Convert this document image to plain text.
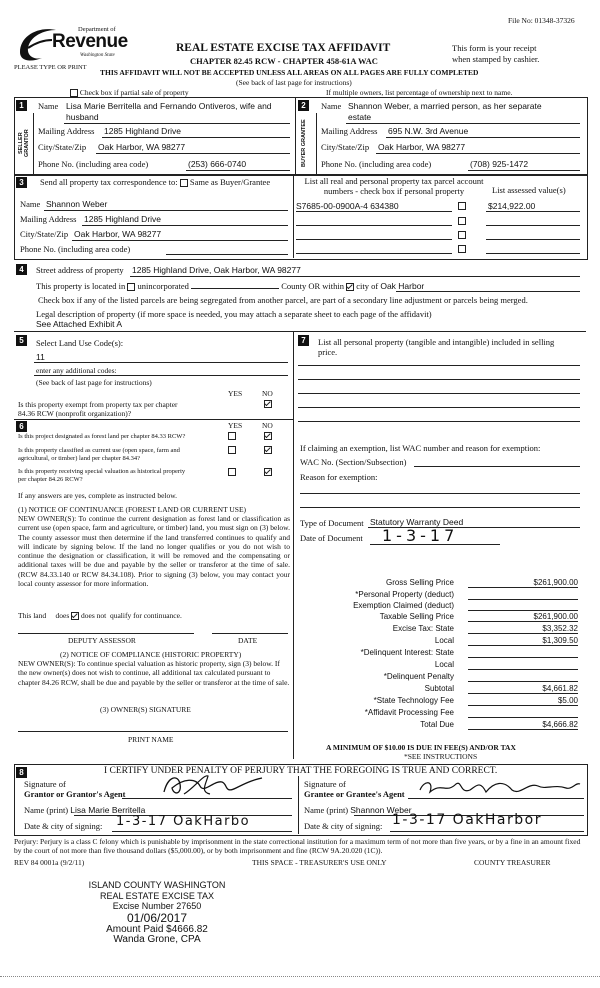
File No: 01348-37326
Department of
Revenue
Washington State
PLEASE TYPE OR PRINT
REAL ESTATE EXCISE TAX AFFIDAVIT
CHAPTER 82.45 RCW - CHAPTER 458-61A WAC
This form is your receipt
when stamped by cashier.
THIS AFFIDAVIT WILL NOT BE ACCEPTED UNLESS ALL AREAS ON ALL PAGES ARE FULLY COMPLETED
(See back of last page for instructions)
Check box if partial sale of property	If multiple owners, list percentage of ownership next to name.
1	2
SELLER GRANTOR	BUYER GRANTEE
Name Lisa Marie Berritella and Fernando Ontiveros, wife and
husband
Mailing Address 1285 Highland Drive
City/State/Zip Oak Harbor, WA 98277
Phone No. (including area code)	(253) 666-0740
Name Shannon Weber, a married person, as her separate
estate
Mailing Address 695 N.W. 3rd Avenue
City/State/Zip Oak Harbor, WA 98277
Phone No. (including area code)	(708) 925-1472
3	Send all property tax correspondence to: Same as Buyer/Grantee
Name Shannon Weber
Mailing Address 1285 Highland Drive
City/State/Zip Oak Harbor, WA 98277
Phone No. (including area code)
List all real and personal property tax parcel account
numbers - check box if personal property	List assessed value(s)
S7685-00-0900A-4 634380	$214,922.00
4	Street address of property 1285 Highland Drive, Oak Harbor, WA 98277
This property is located in unincorporated	County OR within city of Oak Harbor
Check box if any of the listed parcels are being segregated from another parcel, are part of a secondary line adjustment or parcels being merged.
Legal description of property (if more space is needed, you may attach a separate sheet to each page of the affidavit)
See Attached Exhibit A
5	Select Land Use Code(s):
11
enter any additional codes:
(See back of last page for instructions)
YES	NO
Is this property exempt from property tax per chapter
84.36 RCW (nonprofit organization)?
6	YES	NO
Is this project designated as forest land per chapter 84.33 RCW?
Is this property classified as current use (open space, farm and
agricultural, or timber) land per chapter 84.34?
Is this property receiving special valuation as historical property
per chapter 84.26 RCW?
If any answers are yes, complete as instructed below.
(1) NOTICE OF CONTINUANCE (FOREST LAND OR CURRENT USE)
NEW OWNER(S): To continue the current designation as forest land or classification as current use (open space, farm and agriculture, or timber) land, you must sign on (3) below. The county assessor must then determine if the land transferred continues to qualify and will indicate by signing below. If the land no longer qualifies or you do not wish to continue the designation or classification, it will be removed and the compensating or additional taxes will be due and payable by the seller or transferor at the time of sale. (RCW 84.33.140 or RCW 84.34.108). Prior to signing (3) below, you may contact your local county assessor for more information.
This land does does not qualify for continuance.
DEPUTY ASSESSOR	DATE
(2) NOTICE OF COMPLIANCE (HISTORIC PROPERTY)
NEW OWNER(S): To continue special valuation as historic property, sign (3) below. If the new owner(s) does not wish to continue, all additional tax calculated pursuant to chapter 84.26 RCW, shall be due and payable by the seller or transferor at the time of sale.
(3) OWNER(S) SIGNATURE
PRINT NAME
7	List all personal property (tangible and intangible) included in selling
price.
If claiming an exemption, list WAC number and reason for exemption:
WAC No. (Section/Subsection)
Reason for exemption:
Type of Document Statutory Warranty Deed
Date of Document 1-3-17
Gross Selling Price	$261,900.00
*Personal Property (deduct)
Exemption Claimed (deduct)
Taxable Selling Price	$261,900.00
Excise Tax: State	$3,352.32
Local	$1,309.50
*Delinquent Interest: State
Local
*Delinquent Penalty
Subtotal	$4,661.82
*State Technology Fee	$5.00
*Affidavit Processing Fee
Total Due	$4,666.82
A MINIMUM OF $10.00 IS DUE IN FEE(S) AND/OR TAX
*SEE INSTRUCTIONS
8	I CERTIFY UNDER PENALTY OF PERJURY THAT THE FOREGOING IS TRUE AND CORRECT.
Signature of
Grantor or Grantor's Agent
Name (print) Lisa Marie Berritella
Date & city of signing: 1-3-17 OakHarbo
Signature of
Grantee or Grantee's Agent
Name (print) Shannon Weber
Date & city of signing: 1-3-17 OakHarbor
Perjury: Perjury is a class C felony which is punishable by imprisonment in the state correctional institution for a maximum term of not more than five years, or by a fine in an amount fixed by the court of not more than five thousand dollars ($5,000.00), or by both imprisonment and fine (RCW 9A.20.020 (1C)).
REV 84 0001a (9/2/11)	THIS SPACE - TREASURER'S USE ONLY	COUNTY TREASURER
ISLAND COUNTY WASHINGTON
REAL ESTATE EXCISE TAX
Excise Number 27650
01/06/2017
Amount Paid $4666.82
Wanda Grone, CPA
